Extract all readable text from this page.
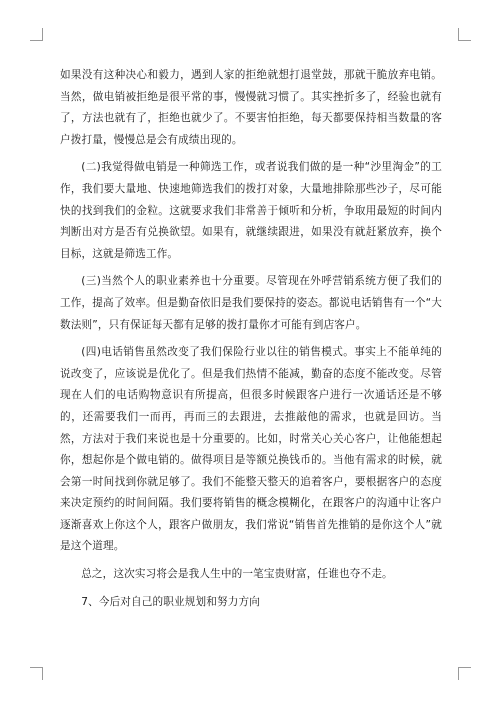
如果没有这种决心和毅力，遇到人家的拒绝就想打退堂鼓，那就干脆放弃电销。当然，做电销被拒绝是很平常的事，慢慢就习惯了。其实挫折多了，经验也就有了，方法也就有了，拒绝也就少了。不要害怕拒绝，每天都要保持相当数量的客户拨打量，慢慢总是会有成绩出现的。

(二)我觉得做电销是一种筛选工作，或者说我们做的是一种“沙里淘金”的工作，我们要大量地、快速地筛选我们的拨打对象，大量地排除那些沙子，尽可能快的找到我们的金粒。这就要求我们非常善于倾听和分析，争取用最短的时间内判断出对方是否有兑换欲望。如果有，就继续跟进，如果没有就赶紧放弃，换个目标，这就是筛选工作。

(三)当然个人的职业素养也十分重要。尽管现在外呼营销系统方便了我们的工作，提高了效率。但是勤奋依旧是我们要保持的姿态。都说电话销售有一个“大数法则”，只有保证每天都有足够的拨打量你才可能有到店客户。

(四)电话销售虽然改变了我们保险行业以往的销售模式。事实上不能单纯的说改变了，应该说是优化了。但是我们热情不能减，勤奋的态度不能改变。尽管现在人们的电话购物意识有所提高，但很多时候跟客户进行一次通话还是不够的，还需要我们一而再，再而三的去跟进，去推敲他的需求，也就是回访。当然，方法对于我们来说也是十分重要的。比如，时常关心关心客户，让他能想起你，想起你是个做电销的。做得项目是等额兑换钱币的。当他有需求的时候，就会第一时间找到你就足够了。我们不能整天整天的追着客户，要根据客户的态度来决定预约的时间间隔。我们要将销售的概念模糊化，在跟客户的沟通中让客户逐渐喜欢上你这个人，跟客户做朋友，我们常说“销售首先推销的是你这个人”就是这个道理。

总之，这次实习将会是我人生中的一笔宝贵财富，任谁也夺不走。

7、今后对自己的职业规划和努力方向
